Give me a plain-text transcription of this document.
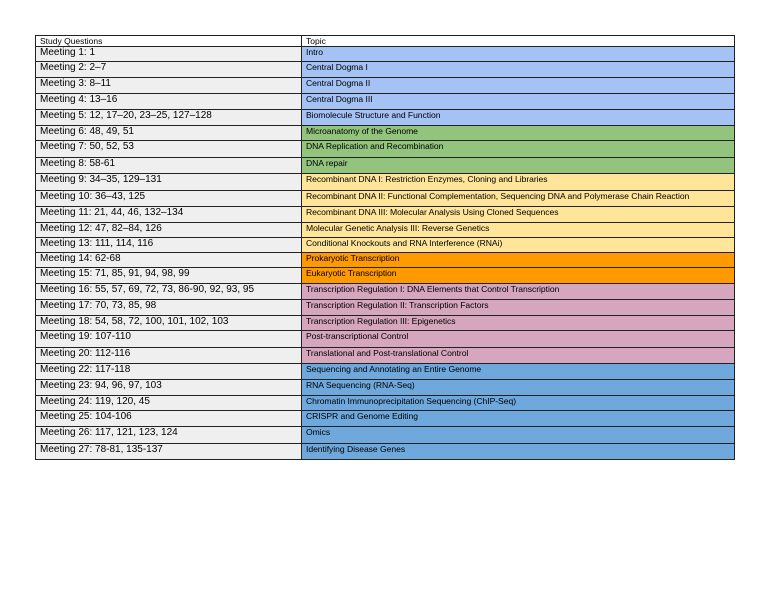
Study Questions	Topic
Meeting 1: 1	Intro
Meeting 2: 2–7	Central Dogma I
Meeting 3: 8–11	Central Dogma II
Meeting 4: 13–16	Central Dogma III
Meeting 5: 12, 17–20, 23–25, 127–128	Biomolecule Structure and Function
Meeting 6: 48, 49, 51	Microanatomy of the Genome
Meeting 7: 50, 52, 53	DNA Replication and Recombination
Meeting 8: 58-61	DNA repair
Meeting 9: 34–35, 129–131	Recombinant DNA I: Restriction Enzymes, Cloning and Libraries
Meeting 10: 36–43, 125	Recombinant DNA II: Functional Complementation, Sequencing DNA and Polymerase Chain Reaction
Meeting 11: 21, 44, 46, 132–134	Recombinant DNA III: Molecular Analysis Using Cloned Sequences
Meeting 12: 47, 82–84, 126	Molecular Genetic Analysis III: Reverse Genetics
Meeting 13: 111, 114, 116	Conditional Knockouts and RNA Interference (RNAi)
Meeting 14: 62-68	Prokaryotic Transcription
Meeting 15: 71, 85, 91, 94, 98, 99	Eukaryotic Transcription
Meeting 16: 55, 57, 69, 72, 73, 86-90, 92, 93, 95	Transcription Regulation I: DNA Elements that Control Transcription
Meeting 17: 70, 73, 85, 98	Transcription Regulation II: Transcription Factors
Meeting 18: 54, 58, 72, 100, 101, 102, 103	Transcription Regulation III: Epigenetics
Meeting 19: 107-110	Post-transcriptional Control
Meeting 20: 112-116	Translational and Post-translational Control
Meeting 22: 117-118	Sequencing and Annotating an Entire Genome
Meeting 23: 94, 96, 97, 103	RNA Sequencing (RNA-Seq)
Meeting 24: 119, 120, 45	Chromatin Immunoprecipitation Sequencing (ChIP-Seq)
Meeting 25: 104-106	CRISPR and Genome Editing
Meeting 26: 117, 121, 123, 124	Omics
Meeting 27: 78-81, 135-137	Identifying Disease Genes
